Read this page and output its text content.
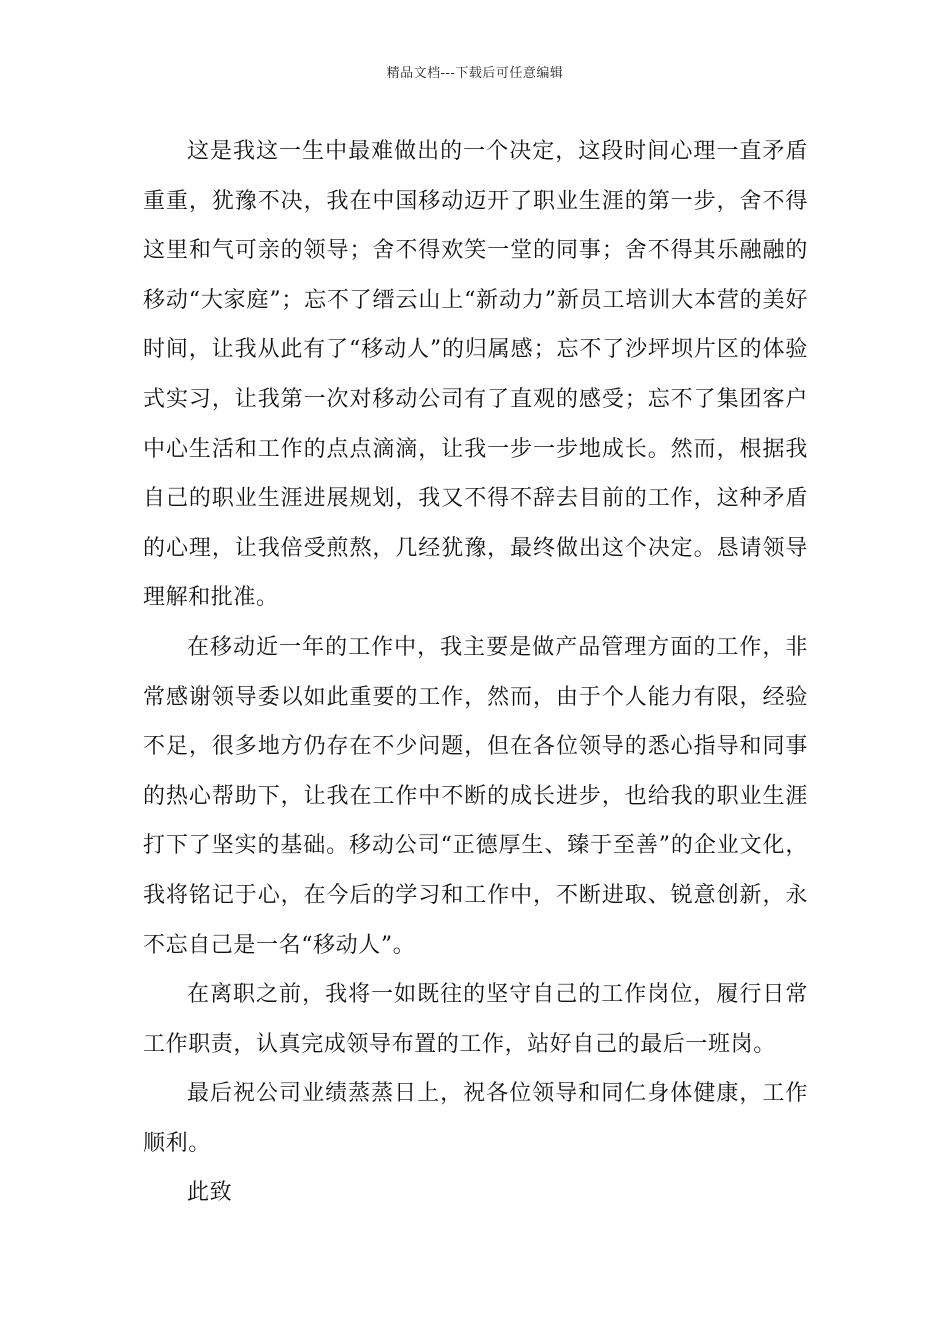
精品文档---下载后可任意编辑

这是我这一生中最难做出的一个决定，这段时间心理一直矛盾重重，犹豫不决，我在中国移动迈开了职业生涯的第一步，舍不得这里和气可亲的领导；舍不得欢笑一堂的同事；舍不得其乐融融的移动“大家庭”；忘不了缙云山上“新动力”新员工培训大本营的美好时间，让我从此有了“移动人”的归属感；忘不了沙坪坝片区的体验式实习，让我第一次对移动公司有了直观的感受；忘不了集团客户中心生活和工作的点点滴滴，让我一步一步地成长。然而，根据我自己的职业生涯进展规划，我又不得不辞去目前的工作，这种矛盾的心理，让我倍受煎熬，几经犹豫，最终做出这个决定。恳请领导理解和批准。

在移动近一年的工作中，我主要是做产品管理方面的工作，非常感谢领导委以如此重要的工作，然而，由于个人能力有限，经验不足，很多地方仍存在不少问题，但在各位领导的悉心指导和同事的热心帮助下，让我在工作中不断的成长进步，也给我的职业生涯打下了坚实的基础。移动公司“正德厚生、臻于至善”的企业文化，我将铭记于心，在今后的学习和工作中，不断进取、锐意创新，永不忘自己是一名“移动人”。

在离职之前，我将一如既往的坚守自己的工作岗位，履行日常工作职责，认真完成领导布置的工作，站好自己的最后一班岗。

最后祝公司业绩蒸蒸日上，祝各位领导和同仁身体健康，工作顺利。

此致
